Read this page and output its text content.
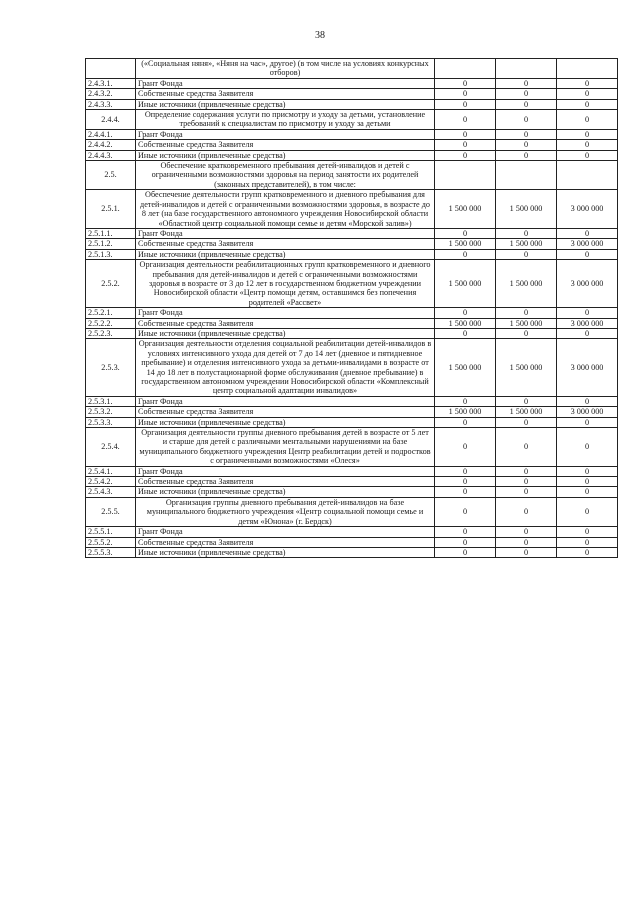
38
	(«Социальная няня», «Няня на час», другое) (в том числе на условиях конкурсных отборов)			
2.4.3.1.	Грант Фонда	0	0	0
2.4.3.2.	Собственные средства Заявителя	0	0	0
2.4.3.3.	Иные источники (привлеченные средства)	0	0	0
2.4.4.	Определение содержания услуги по присмотру и уходу за детьми, установление требований к специалистам по присмотру и уходу за детьми	0	0	0
2.4.4.1.	Грант Фонда	0	0	0
2.4.4.2.	Собственные средства Заявителя	0	0	0
2.4.4.3.	Иные источники (привлеченные средства)	0	0	0
2.5.	Обеспечение кратковременного пребывания детей-инвалидов и детей с ограниченными возможностями здоровья на период занятости их родителей (законных представителей), в том числе:			
2.5.1.	Обеспечение деятельности групп кратковременного и дневного пребывания для детей-инвалидов и детей с ограниченными возможностями здоровья, в возрасте до 8 лет (на базе государственного автономного учреждения Новосибирской области «Областной центр социальной помощи семье и детям «Морской залив»)	1 500 000	1 500 000	3 000 000
2.5.1.1.	Грант Фонда	0	0	0
2.5.1.2.	Собственные средства Заявителя	1 500 000	1 500 000	3 000 000
2.5.1.3.	Иные источники (привлеченные средства)	0	0	0
2.5.2.	Организация деятельности реабилитационных групп кратковременного и дневного пребывания для детей-инвалидов и детей с ограниченными возможностями здоровья в возрасте от 3 до 12 лет в государственном бюджетном учреждении Новосибирской области «Центр помощи детям, оставшимся без попечения родителей «Рассвет»	1 500 000	1 500 000	3 000 000
2.5.2.1.	Грант Фонда	0	0	0
2.5.2.2.	Собственные средства Заявителя	1 500 000	1 500 000	3 000 000
2.5.2.3.	Иные источники (привлеченные средства)	0	0	0
2.5.3.	Организация деятельности отделения социальной реабилитации детей-инвалидов в условиях интенсивного ухода для детей от 7 до 14 лет (дневное и пятидневное пребывание) и отделения интенсивного ухода за детьми-инвалидами в возрасте от 14 до 18 лет в полустационарной форме обслуживания (дневное пребывание) в государственном автономном учреждении Новосибирской области «Комплексный центр социальной адаптации инвалидов»	1 500 000	1 500 000	3 000 000
2.5.3.1.	Грант Фонда	0	0	0
2.5.3.2.	Собственные средства Заявителя	1 500 000	1 500 000	3 000 000
2.5.3.3.	Иные источники (привлеченные средства)	0	0	0
2.5.4.	Организация деятельности группы дневного пребывания детей в возрасте от 5 лет и старше для детей с различными ментальными нарушениями на базе муниципального бюджетного учреждения Центр реабилитации детей и подростков с ограниченными возможностями «Олеся»	0	0	0
2.5.4.1.	Грант Фонда	0	0	0
2.5.4.2.	Собственные средства Заявителя	0	0	0
2.5.4.3.	Иные источники (привлеченные средства)	0	0	0
2.5.5.	Организация группы дневного пребывания детей-инвалидов на базе муниципального бюджетного учреждения «Центр социальной помощи семье и детям «Юнона» (г. Бердск)	0	0	0
2.5.5.1.	Грант Фонда	0	0	0
2.5.5.2.	Собственные средства Заявителя	0	0	0
2.5.5.3.	Иные источники (привлеченные средства)	0	0	0
